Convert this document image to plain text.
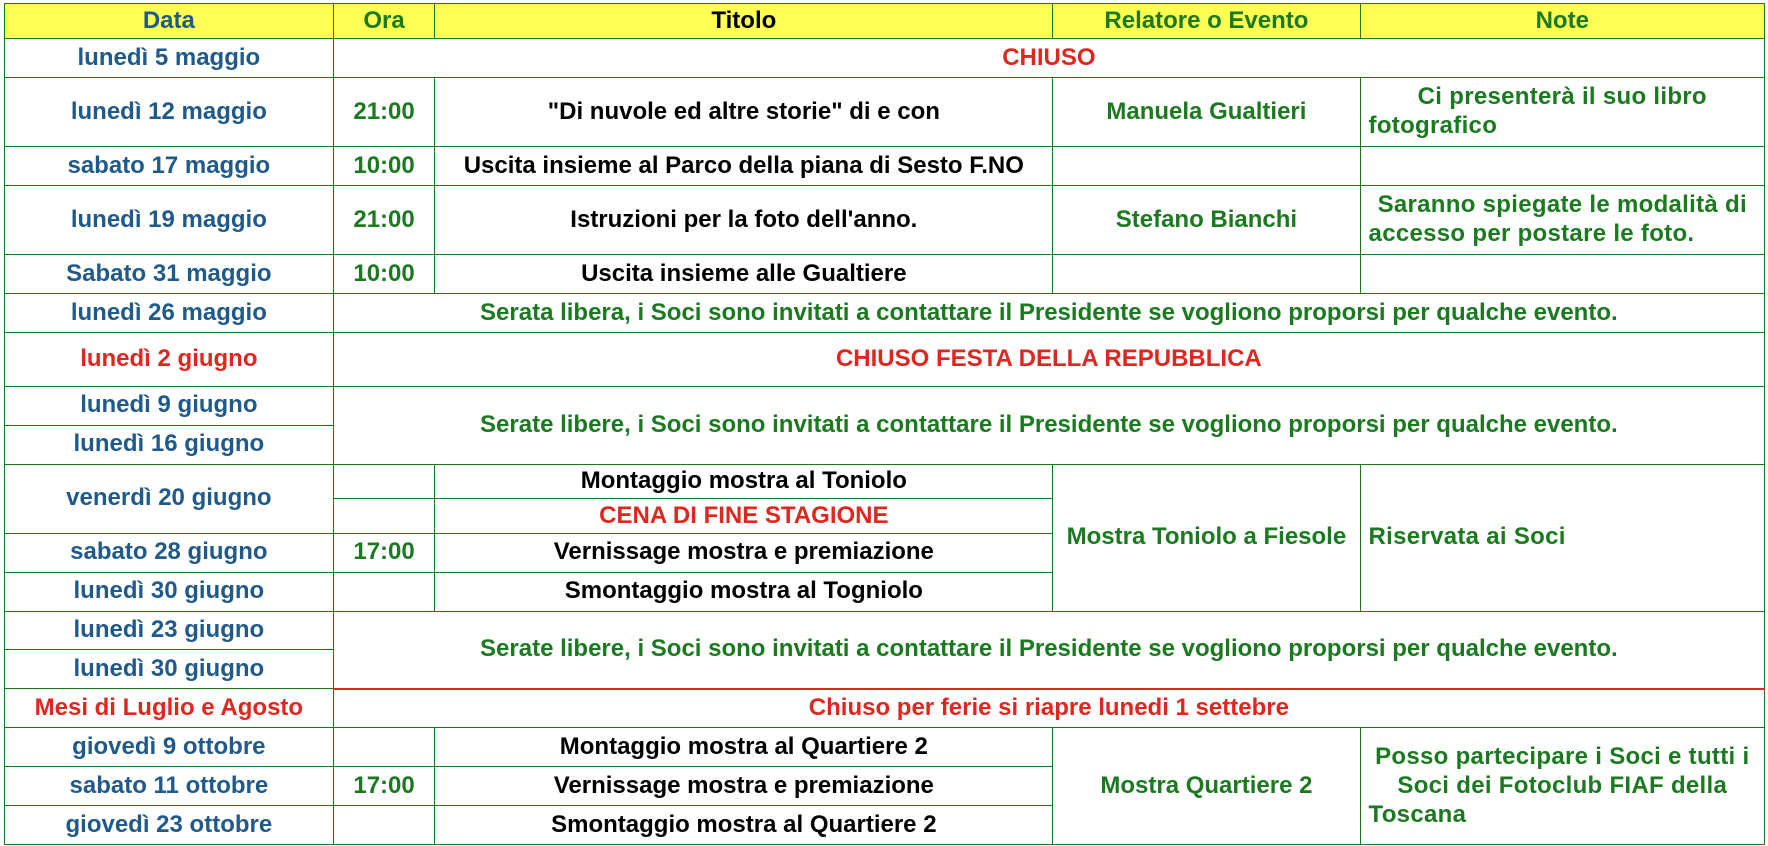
Data	Ora	Titolo	Relatore o Evento	Note
lunedì 5 maggio	CHIUSO			
lunedì 12 maggio	21:00	"Di nuvole ed altre storie" di e con	Manuela Gualtieri	Ci presenterà il suo libro fotografico
sabato 17 maggio	10:00	Uscita insieme al Parco della piana di Sesto F.NO		
lunedì 19 maggio	21:00	Istruzioni per la foto dell'anno.	Stefano Bianchi	Saranno spiegate le modalità di accesso per postare le foto.
Sabato 31 maggio	10:00	Uscita insieme alle Gualtiere		
lunedì 26 maggio	Serata libera, i Soci sono invitati a contattare il Presidente se vogliono proporsi per qualche evento.			
lunedì 2 giugno	CHIUSO FESTA DELLA REPUBBLICA			
lunedì 9 giugno	Serate libere, i Soci sono invitati a contattare il Presidente se vogliono proporsi per qualche evento.			
lunedì 16 giugno				
venerdì 20 giugno		Montaggio mostra al Toniolo	Mostra Toniolo a Fiesole	Riservata ai Soci
		CENA DI FINE STAGIONE		
sabato 28 giugno	17:00	Vernissage mostra e premiazione		
lunedì 30 giugno		Smontaggio mostra al Togniolo		
lunedì 23 giugno	Serate libere, i Soci sono invitati a contattare il Presidente se vogliono proporsi per qualche evento.			
lunedì 30 giugno				
Mesi di Luglio e Agosto	Chiuso per ferie si riapre lunedi 1 settebre			
giovedì 9 ottobre		Montaggio mostra al Quartiere 2	Mostra Quartiere 2	Posso partecipare i Soci e tutti i Soci dei Fotoclub FIAF della Toscana
sabato 11 ottobre	17:00	Vernissage mostra e premiazione		
giovedì 23 ottobre		Smontaggio mostra al Quartiere 2		
